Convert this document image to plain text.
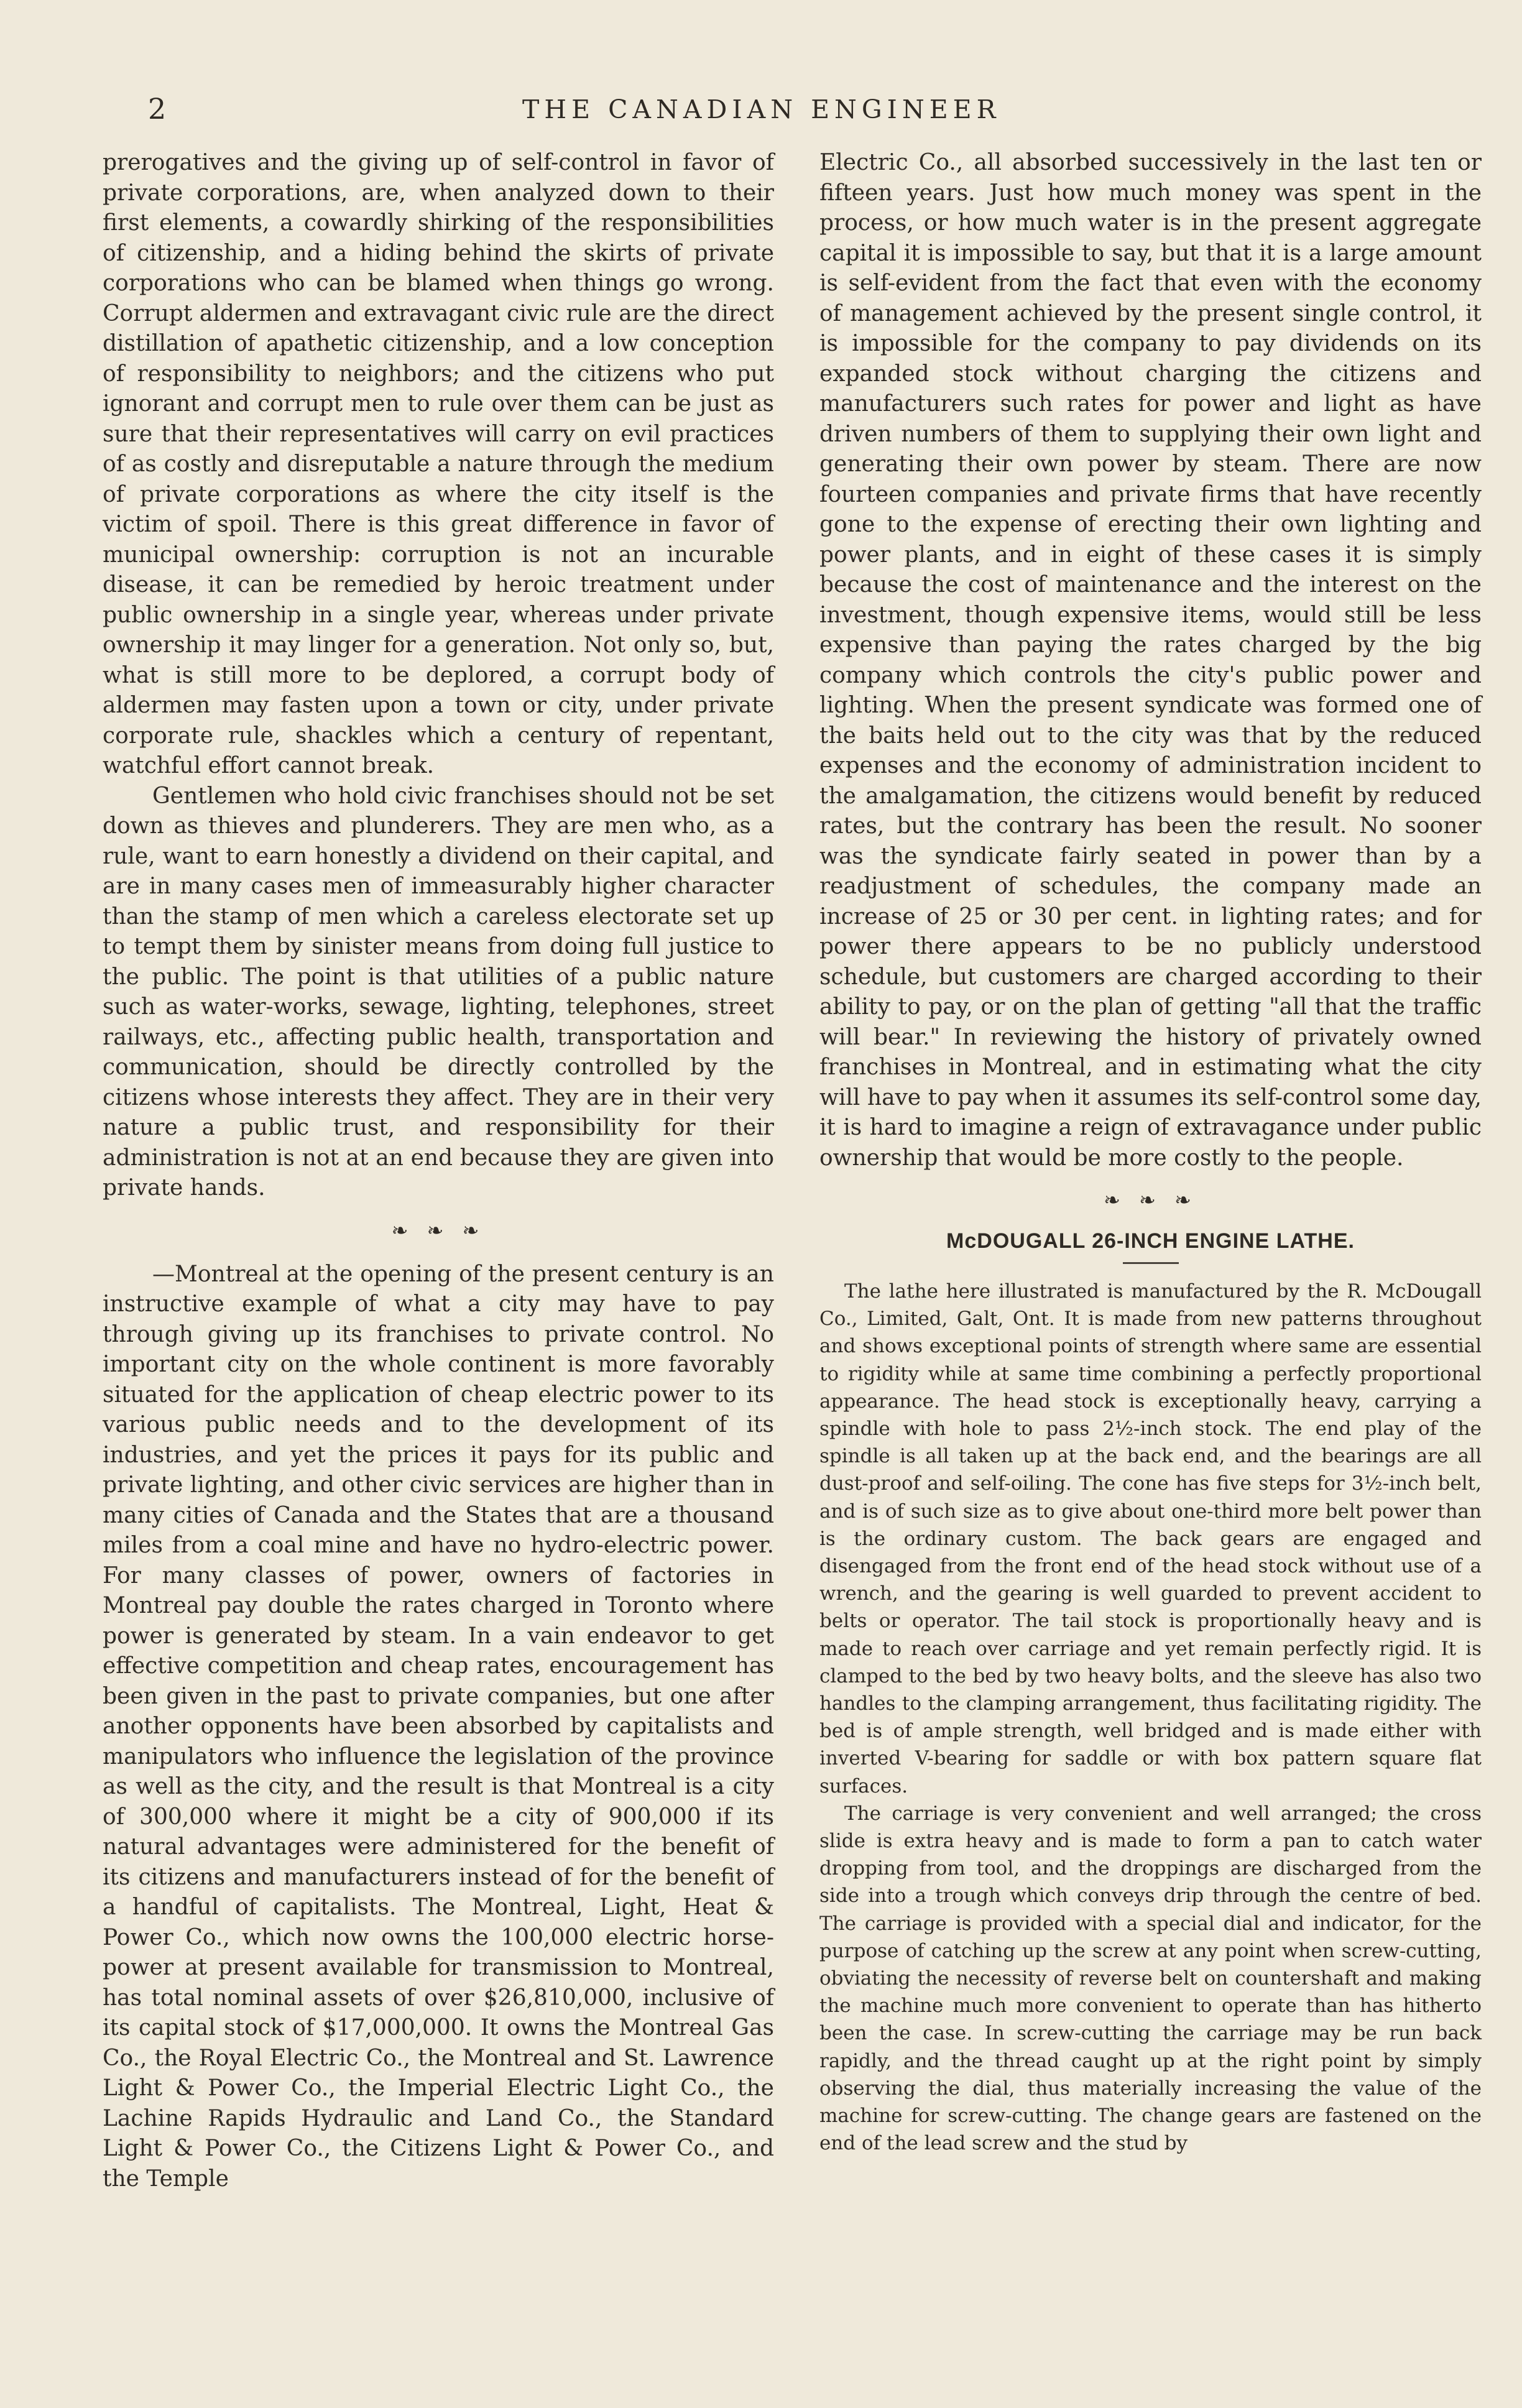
2	THE CANADIAN ENGINEER

prerogatives and the giving up of self-control in favor of private corporations, are, when analyzed down to their first elements, a cowardly shirking of the responsibilities of citizenship, and a hiding behind the skirts of private corporations who can be blamed when things go wrong. Corrupt aldermen and extravagant civic rule are the direct distillation of apathetic citizenship, and a low conception of responsibility to neighbors; and the citizens who put ignorant and corrupt men to rule over them can be just as sure that their representatives will carry on evil practices of as costly and disreputable a nature through the medium of private corporations as where the city itself is the victim of spoil. There is this great difference in favor of municipal ownership: corruption is not an incurable disease, it can be remedied by heroic treatment under public ownership in a single year, whereas under private ownership it may linger for a generation. Not only so, but, what is still more to be deplored, a corrupt body of aldermen may fasten upon a town or city, under private corporate rule, shackles which a century of repentant, watchful effort cannot break.

Gentlemen who hold civic franchises should not be set down as thieves and plunderers. They are men who, as a rule, want to earn honestly a dividend on their capital, and are in many cases men of immeasurably higher character than the stamp of men which a careless electorate set up to tempt them by sinister means from doing full justice to the public. The point is that utilities of a public nature such as water-works, sewage, lighting, telephones, street railways, etc., affecting public health, transportation and communication, should be directly controlled by the citizens whose interests they affect. They are in their very nature a public trust, and responsibility for their administration is not at an end because they are given into private hands.

❧ ❧ ❧

—Montreal at the opening of the present century is an instructive example of what a city may have to pay through giving up its franchises to private control. No important city on the whole continent is more favorably situated for the application of cheap electric power to its various public needs and to the development of its industries, and yet the prices it pays for its public and private lighting, and other civic services are higher than in many cities of Canada and the States that are a thousand miles from a coal mine and have no hydro-electric power. For many classes of power, owners of factories in Montreal pay double the rates charged in Toronto where power is generated by steam. In a vain endeavor to get effective competition and cheap rates, encouragement has been given in the past to private companies, but one after another opponents have been absorbed by capitalists and manipulators who influence the legislation of the province as well as the city, and the result is that Montreal is a city of 300,000 where it might be a city of 900,000 if its natural advantages were administered for the benefit of its citizens and manufacturers instead of for the benefit of a handful of capitalists. The Montreal, Light, Heat & Power Co., which now owns the 100,000 electric horse-power at present available for transmission to Montreal, has total nominal assets of over $26,810,000, inclusive of its capital stock of $17,000,000. It owns the Montreal Gas Co., the Royal Electric Co., the Montreal and St. Lawrence Light & Power Co., the Imperial Electric Light Co., the Lachine Rapids Hydraulic and Land Co., the Standard Light & Power Co., the Citizens Light & Power Co., and the Temple

Electric Co., all absorbed successively in the last ten or fifteen years. Just how much money was spent in the process, or how much water is in the present aggregate capital it is impossible to say, but that it is a large amount is self-evident from the fact that even with the economy of management achieved by the present single control, it is impossible for the company to pay dividends on its expanded stock without charging the citizens and manufacturers such rates for power and light as have driven numbers of them to supplying their own light and generating their own power by steam. There are now fourteen companies and private firms that have recently gone to the expense of erecting their own lighting and power plants, and in eight of these cases it is simply because the cost of maintenance and the interest on the investment, though expensive items, would still be less expensive than paying the rates charged by the big company which controls the city's public power and lighting. When the present syndicate was formed one of the baits held out to the city was that by the reduced expenses and the economy of administration incident to the amalgamation, the citizens would benefit by reduced rates, but the contrary has been the result. No sooner was the syndicate fairly seated in power than by a readjustment of schedules, the company made an increase of 25 or 30 per cent. in lighting rates; and for power there appears to be no publicly understood schedule, but customers are charged according to their ability to pay, or on the plan of getting "all that the traffic will bear." In reviewing the history of privately owned franchises in Montreal, and in estimating what the city will have to pay when it assumes its self-control some day, it is hard to imagine a reign of extravagance under public ownership that would be more costly to the people.

❧ ❧ ❧
McDOUGALL 26-INCH ENGINE LATHE.

The lathe here illustrated is manufactured by the R. McDougall Co., Limited, Galt, Ont. It is made from new patterns throughout and shows exceptional points of strength where same are essential to rigidity while at same time combining a perfectly proportional appearance. The head stock is exceptionally heavy, carrying a spindle with hole to pass 2½-inch stock. The end play of the spindle is all taken up at the back end, and the bearings are all dust-proof and self-oiling. The cone has five steps for 3½-inch belt, and is of such size as to give about one-third more belt power than is the ordinary custom. The back gears are engaged and disengaged from the front end of the head stock without use of a wrench, and the gearing is well guarded to prevent accident to belts or operator. The tail stock is proportionally heavy and is made to reach over carriage and yet remain perfectly rigid. It is clamped to the bed by two heavy bolts, and the sleeve has also two handles to the clamping arrangement, thus facilitating rigidity. The bed is of ample strength, well bridged and is made either with inverted V-bearing for saddle or with box pattern square flat surfaces.

The carriage is very convenient and well arranged; the cross slide is extra heavy and is made to form a pan to catch water dropping from tool, and the droppings are discharged from the side into a trough which conveys drip through the centre of bed. The carriage is provided with a special dial and indicator, for the purpose of catching up the screw at any point when screw-cutting, obviating the necessity of reverse belt on countershaft and making the machine much more convenient to operate than has hitherto been the case. In screw-cutting the carriage may be run back rapidly, and the thread caught up at the right point by simply observing the dial, thus materially increasing the value of the machine for screw-cutting. The change gears are fastened on the end of the lead screw and the stud by
